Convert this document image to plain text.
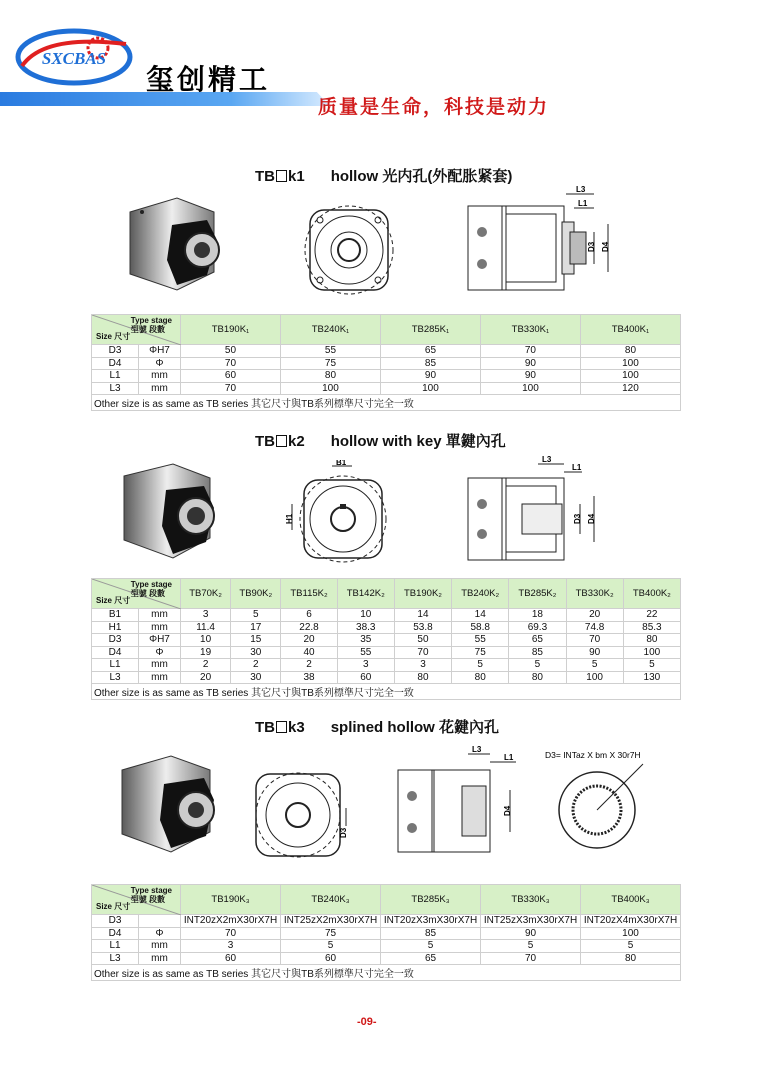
SXCBAS
玺创精工
质量是生命，科技是动力
TB k1 hollow 光内孔(外配胀紧套)
L3
L1
D3 D4
Type stage
型號 段數
Size 尺寸		TB190K₁	TB240K₁	TB285K₁	TB330K₁	TB400K₁
D3	ΦH7	50	55	65	70	80
D4	Φ	70	75	85	90	100
L1	mm	60	80	90	90	100
L3	mm	70	100	100	100	120
Other size is as same as TB series 其它尺寸與TB系列標準尺寸完全一致						
TB k2 hollow with key 單鍵內孔
B1
H1
L3
L1
D3 D4
Type stage
型號 段數
Size 尺寸		TB70K₂	TB90K₂	TB115K₂	TB142K₂	TB190K₂	TB240K₂	TB285K₂	TB330K₂	TB400K₂
B1	mm	3	5	6	10	14	14	18	20	22
H1	mm	11.4	17	22.8	38.3	53.8	58.8	69.3	74.8	85.3
D3	ΦH7	10	15	20	35	50	55	65	70	80
D4	Φ	19	30	40	55	70	75	85	90	100
L1	mm	2	2	2	3	3	5	5	5	5
L3	mm	20	30	38	60	80	80	80	100	130
Other size is as same as TB series 其它尺寸與TB系列標準尺寸完全一致										
TB k3 splined hollow 花鍵內孔
D3
L3
L1
D4
D3= INTaz X bm X 30r7H
Type stage
型號 段數
Size 尺寸		TB190K₃	TB240K₃	TB285K₃	TB330K₃	TB400K₃
D3		INT20zX2mX30rX7H	INT25zX2mX30rX7H	INT20zX3mX30rX7H	INT25zX3mX30rX7H	INT20zX4mX30rX7H
D4	Φ	70	75	85	90	100
L1	mm	3	5	5	5	5
L3	mm	60	60	65	70	80
Other size is as same as TB series 其它尺寸與TB系列標準尺寸完全一致						
-09-
